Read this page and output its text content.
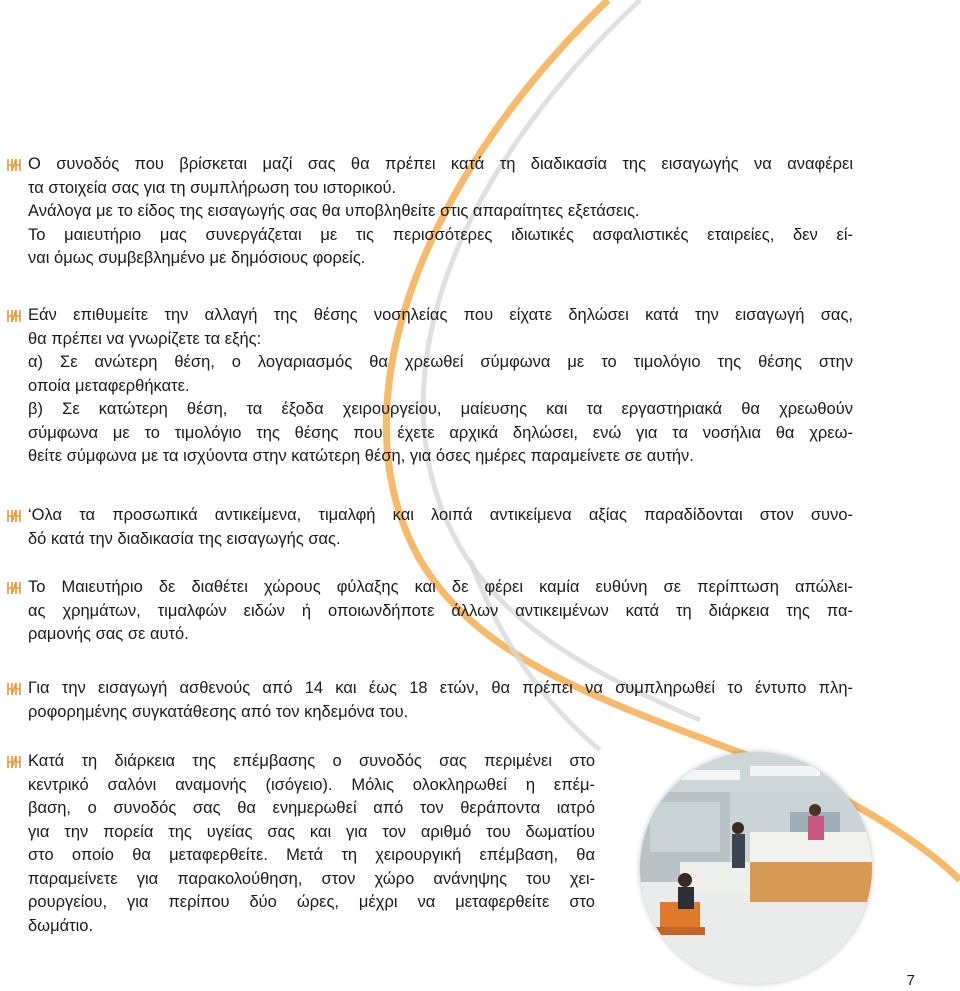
Ο συνοδός που βρίσκεται μαζί σας θα πρέπει κατά τη διαδικασία της εισαγωγής να αναφέρει
τα στοιχεία σας για τη συμπλήρωση του ιστορικού.
Ανάλογα με το είδος της εισαγωγής σας θα υποβληθείτε στις απαραίτητες εξετάσεις.
Το μαιευτήριο μας συνεργάζεται με τις περισσότερες ιδιωτικές ασφαλιστικές εταιρείες, δεν εί-
ναι όμως συμβεβλημένο με δημόσιους φορείς.
Εάν επιθυμείτε την αλλαγή της θέσης νοσηλείας που είχατε δηλώσει κατά την εισαγωγή σας,
θα πρέπει να γνωρίζετε τα εξής:
α) Σε ανώτερη θέση, ο λογαριασμός θα χρεωθεί σύμφωνα με το τιμολόγιο της θέσης στην
οποία μεταφερθήκατε.
β) Σε κατώτερη θέση, τα έξοδα χειρουργείου, μαίευσης και τα εργαστηριακά θα χρεωθούν
σύμφωνα με το τιμολόγιο της θέσης που έχετε αρχικά δηλώσει, ενώ για τα νοσήλια θα χρεω-
θείτε σύμφωνα με τα ισχύοντα στην κατώτερη θέση, για όσες ημέρες παραμείνετε σε αυτήν.
‘Ολα τα προσωπικά αντικείμενα, τιμαλφή και λοιπά αντικείμενα αξίας παραδίδονται στον συνο-
δό κατά την διαδικασία της εισαγωγής σας.
Το Μαιευτήριο δε διαθέτει χώρους φύλαξης και δε φέρει καμία ευθύνη σε περίπτωση απώλει-
ας χρημάτων, τιμαλφών ειδών ή οποιωνδήποτε άλλων αντικειμένων κατά τη διάρκεια της πα-
ραμονής σας σε αυτό.
Για την εισαγωγή ασθενούς από 14 και έως 18 ετών, θα πρέπει να συμπληρωθεί το έντυπο πλη-
ροφορημένης συγκατάθεσης από τον κηδεμόνα του.
Κατά τη διάρκεια της επέμβασης ο συνοδός σας περιμένει στο
κεντρικό σαλόνι αναμονής (ισόγειο). Μόλις ολοκληρωθεί η επέμ-
βαση, ο συνοδός σας θα ενημερωθεί από τον θεράποντα ιατρό
για την πορεία της υγείας σας και για τον αριθμό του δωματίου
στο οποίο θα μεταφερθείτε. Μετά τη χειρουργική επέμβαση, θα
παραμείνετε για παρακολούθηση, στον χώρο ανάνηψης του χει-
ρουργείου, για περίπου δύο ώρες, μέχρι να μεταφερθείτε στο
δωμάτιο.
7
